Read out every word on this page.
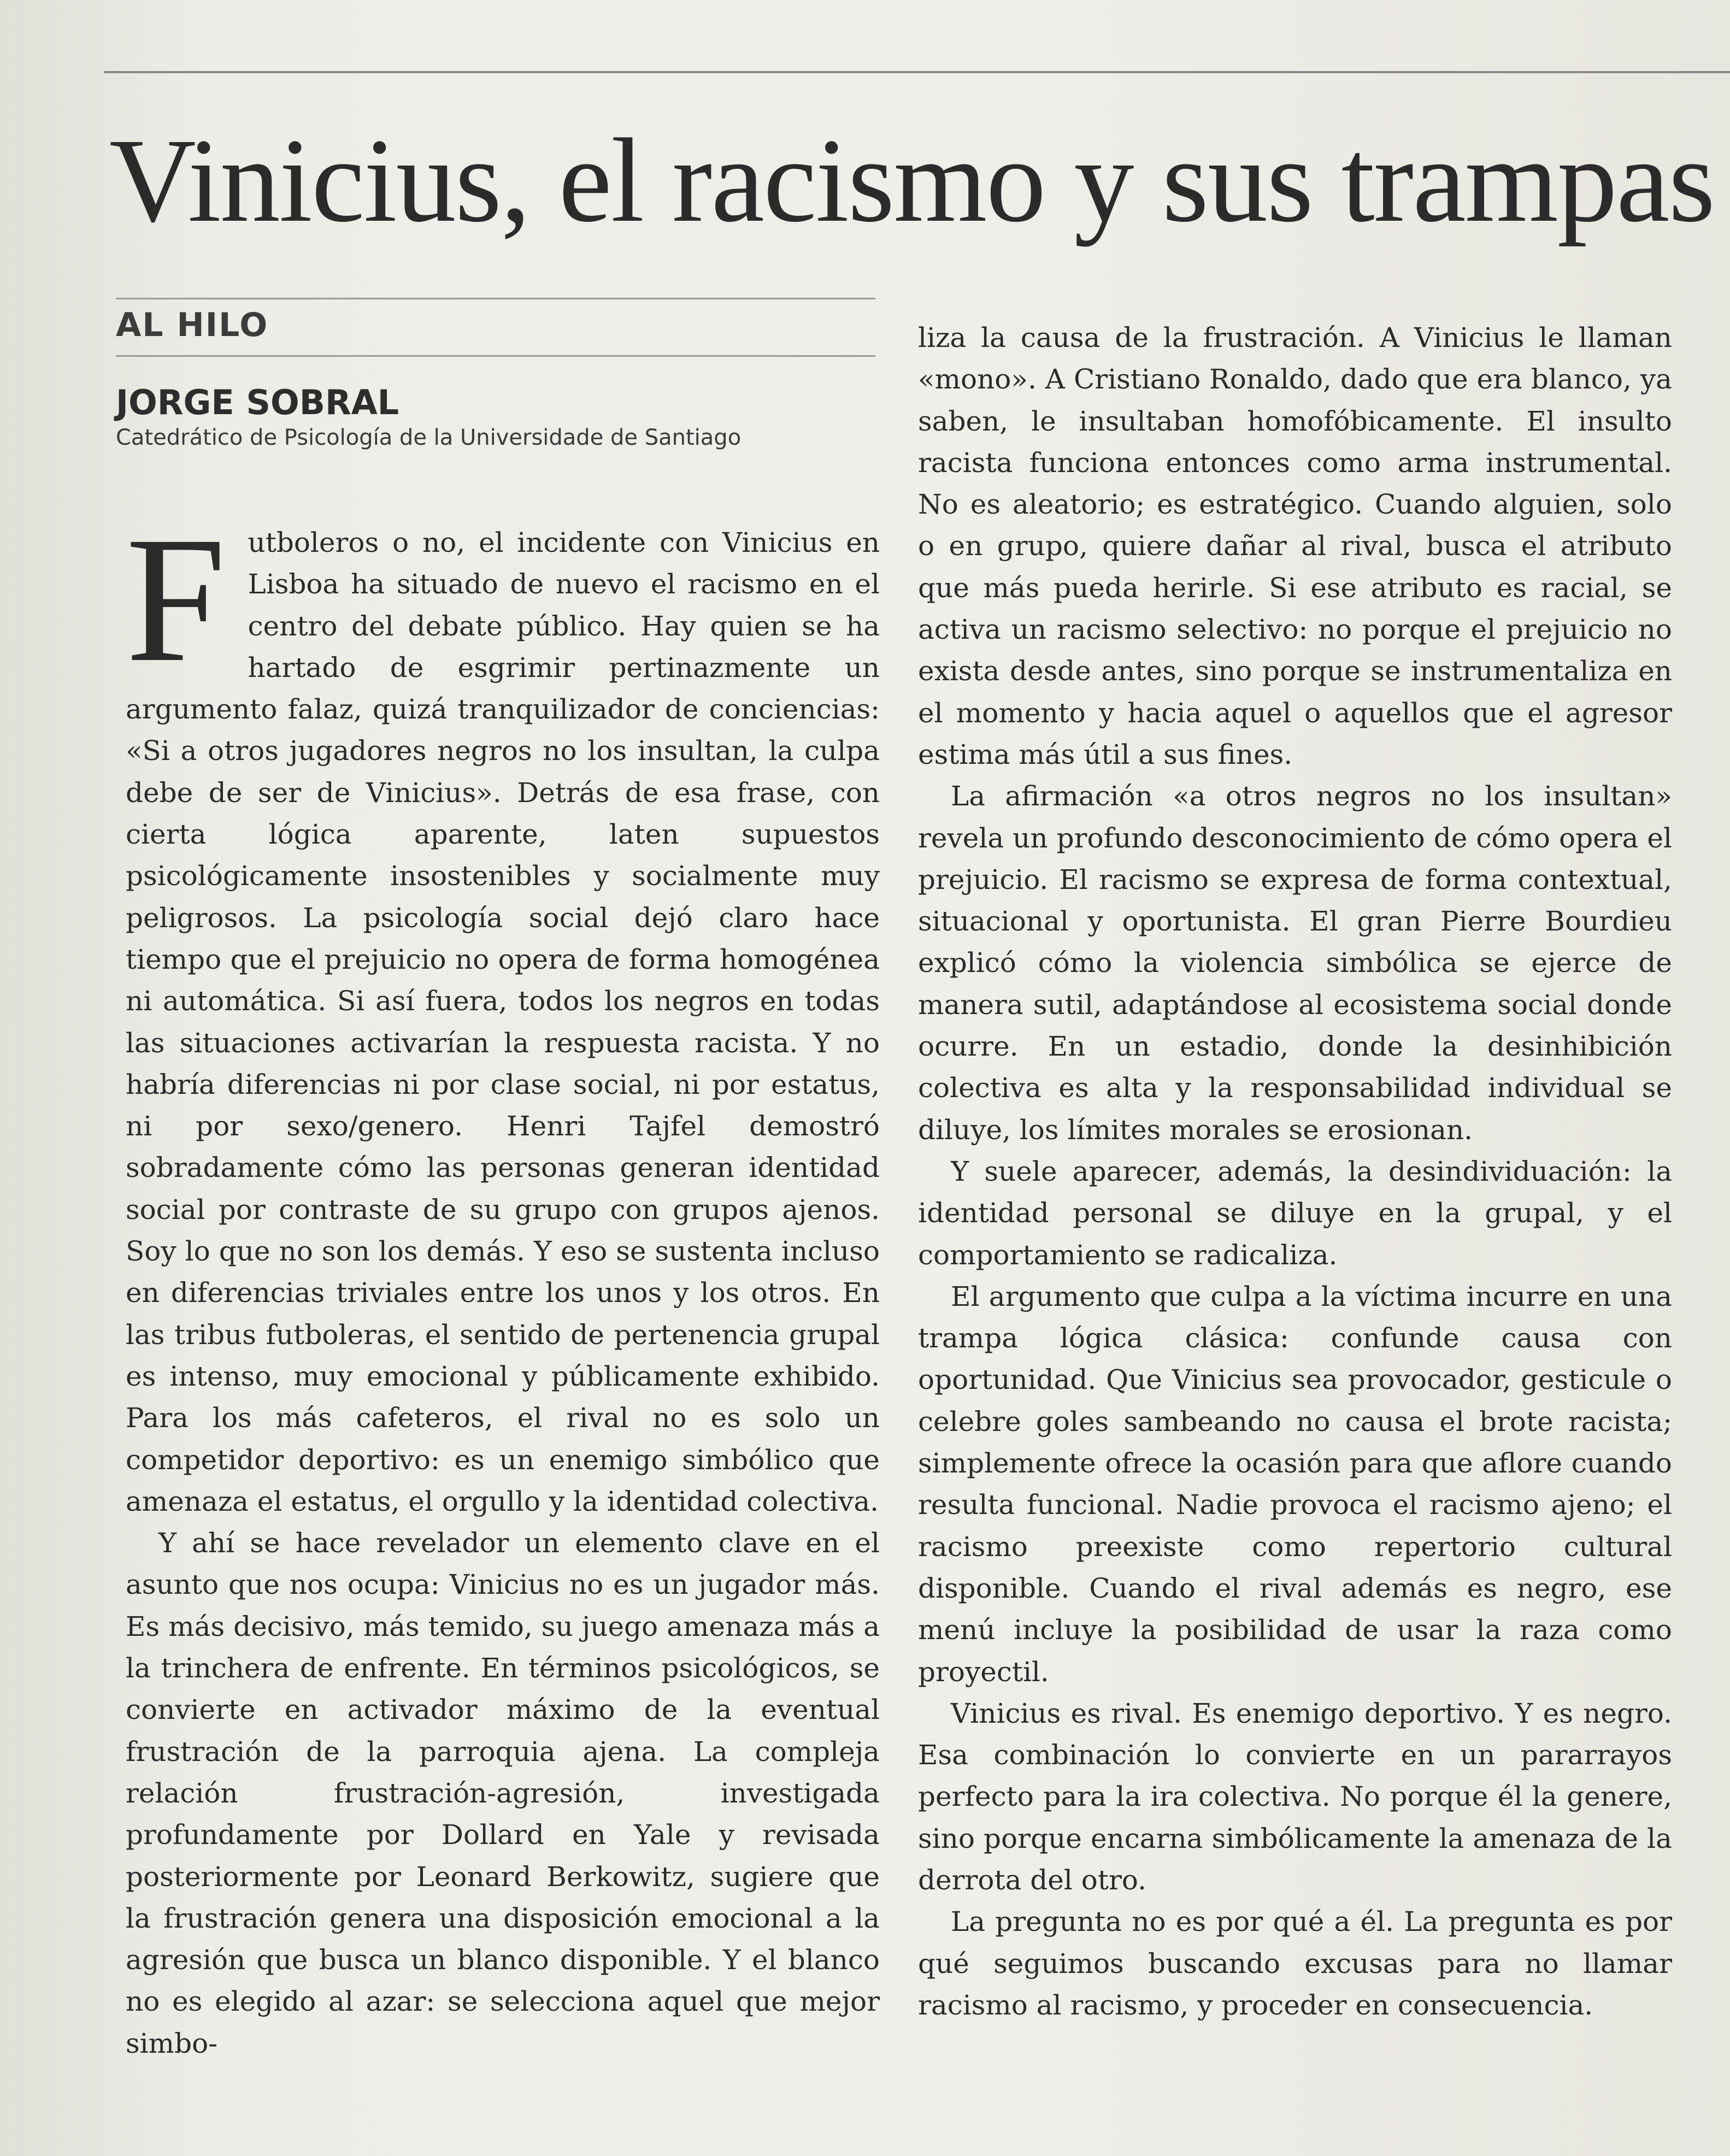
Vinicius, el racismo y sus trampas
AL HILO
JORGE SOBRAL
Catedrático de Psicología de la Universidade de Santiago

Futboleros o no, el incidente con Vinicius en Lisboa ha situado de nuevo el racismo en el centro del debate público. Hay quien se ha hartado de esgrimir pertinazmente un argumento falaz, quizá tranquilizador de conciencias: «Si a otros jugadores negros no los insultan, la culpa debe de ser de Vinicius». Detrás de esa frase, con cierta lógica aparente, laten supuestos psicológicamente insostenibles y socialmente muy peligrosos. La psicología social dejó claro hace tiempo que el prejuicio no opera de forma homogénea ni automática. Si así fuera, todos los negros en todas las situaciones activarían la respuesta racista. Y no habría diferencias ni por clase social, ni por estatus, ni por sexo/genero. Henri Tajfel demostró sobradamente cómo las personas generan identidad social por contraste de su grupo con grupos ajenos. Soy lo que no son los demás. Y eso se sustenta incluso en diferencias triviales entre los unos y los otros. En las tribus futboleras, el sentido de pertenencia grupal es intenso, muy emocional y públicamente exhibido. Para los más cafeteros, el rival no es solo un competidor deportivo: es un enemigo simbólico que amenaza el estatus, el orgullo y la identidad colectiva.

Y ahí se hace revelador un elemento clave en el asunto que nos ocupa: Vinicius no es un jugador más. Es más decisivo, más temido, su juego amenaza más a la trinchera de enfrente. En términos psicológicos, se convierte en activador máximo de la eventual frustración de la parroquia ajena. La compleja relación frustración-agresión, investigada profundamente por Dollard en Yale y revisada posteriormente por Leonard Berkowitz, sugiere que la frustración genera una disposición emocional a la agresión que busca un blanco disponible. Y el blanco no es elegido al azar: se selecciona aquel que mejor simbo-

liza la causa de la frustración. A Vinicius le llaman «mono». A Cristiano Ronaldo, dado que era blanco, ya saben, le insultaban homofóbicamente. El insulto racista funciona entonces como arma instrumental. No es aleatorio; es estratégico. Cuando alguien, solo o en grupo, quiere dañar al rival, busca el atributo que más pueda herirle. Si ese atributo es racial, se activa un racismo selectivo: no porque el prejuicio no exista desde antes, sino porque se instrumentaliza en el momento y hacia aquel o aquellos que el agresor estima más útil a sus fines.

La afirmación «a otros negros no los insultan» revela un profundo desconocimiento de cómo opera el prejuicio. El racismo se expresa de forma contextual, situacional y oportunista. El gran Pierre Bourdieu explicó cómo la violencia simbólica se ejerce de manera sutil, adaptándose al ecosistema social donde ocurre. En un estadio, donde la desinhibición colectiva es alta y la responsabilidad individual se diluye, los límites morales se erosionan.

Y suele aparecer, además, la desindividuación: la identidad personal se diluye en la grupal, y el comportamiento se radicaliza.

El argumento que culpa a la víctima incurre en una trampa lógica clásica: confunde causa con oportunidad. Que Vinicius sea provocador, gesticule o celebre goles sambeando no causa el brote racista; simplemente ofrece la ocasión para que aflore cuando resulta funcional. Nadie provoca el racismo ajeno; el racismo preexiste como repertorio cultural disponible. Cuando el rival además es negro, ese menú incluye la posibilidad de usar la raza como proyectil.

Vinicius es rival. Es enemigo deportivo. Y es negro. Esa combinación lo convierte en un pararrayos perfecto para la ira colectiva. No porque él la genere, sino porque encarna simbólicamente la amenaza de la derrota del otro.

La pregunta no es por qué a él. La pregunta es por qué seguimos buscando excusas para no llamar racismo al racismo, y proceder en consecuencia.
